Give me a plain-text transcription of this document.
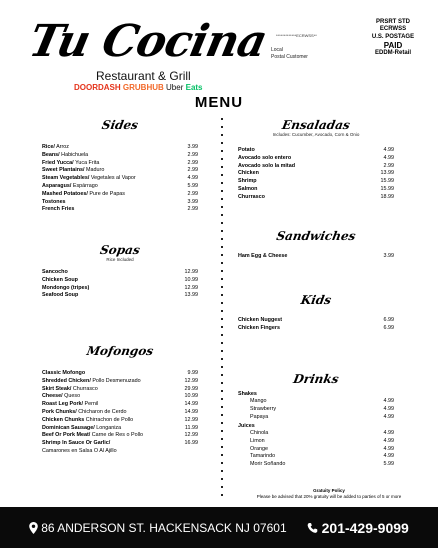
Tu Cocina
Restaurant & Grill
DOORDASH GRUBHUB Uber Eats
*************ECRWSS**
Local
Postal Customer
PRSRT STD
ECRWSS
U.S. POSTAGE
PAID
EDDM-Retail
MENU
Sides
Rice/ Arroz	3.99
Beans/ Habichuela	2.99
Fried Yucca/ Yuca Frita	2.99
Sweet Plantains/ Maduro	2.99
Steam Vegetables/ Vegetales al Vapor	4.99
Asparagus/ Espárrago	5.99
Mashed Potatoes/ Pure de Papas	2.99
Tostones	3.99
French Fries	2.99
Sopas
Rice Included
Sancocho	12.99
Chicken Soup	10.99
Mondongo (tripes)	12.99
Seafood Soup	13.99
Mofongos
Classic Mofongo	9.99
Shredded Chicken/ Pollo Desmenuzado	12.99
Skirt Steak/ Churrasco	29.99
Cheese/ Queso	10.99
Roast Leg Pork/ Pernil	14.99
Pork Chunks/ Chicharon de Cerdo	14.99
Chicken Chunks Chirrachon de Pollo	12.99
Dominican Sausage/ Longaniza	11.99
Beef Or Pork Meat/ Carne de Res o Pollo	12.99
Shrimp In Sauce Or Garlic/	16.99
Camarones en Salsa O Al Ajillo
Ensaladas
Includes: Cucumber, Avocado, Corn & Onio
Potato	4.99
Avocado solo entero	4.99
Avocado solo la mitad	2.99
Chicken	13.99
Shrimp	15.99
Salmon	15.99
Churrasco	18.99
Sandwiches
Ham Egg & Cheese	3.99
Kids
Chicken Nuggest	6.99
Chicken Fingers	6.99
Drinks
Shakes
Mango	4.99
Strawberry	4.99
Papaya	4.99
Juices
Chinola	4.99
Limon	4.99
Orange	4.99
Tamarindo	4.99
Morir Soñando	5.99
Gratuity Policy
Please be advised that 20% gratuity will be added to parties of 5 or more
86 ANDERSON ST. HACKENSACK NJ 07601	201-429-9099
